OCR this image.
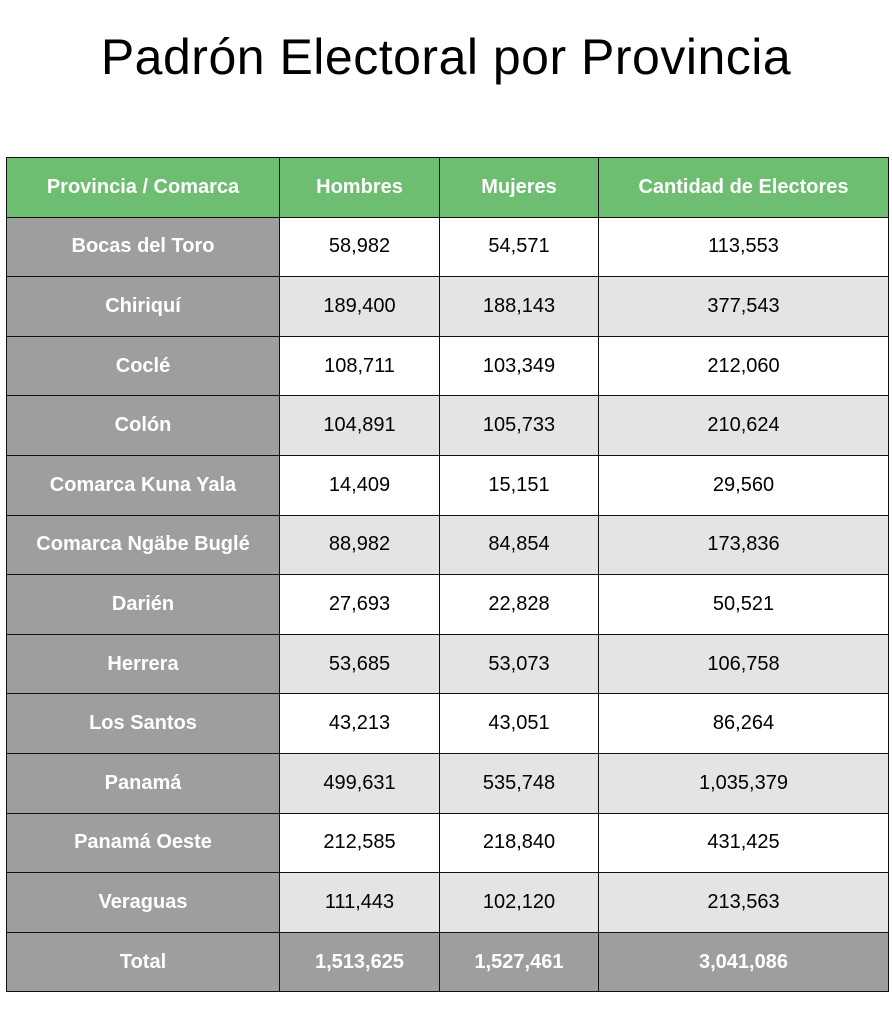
Padrón Electoral por Provincia
Provincia / Comarca	Hombres	Mujeres	Cantidad de Electores
Bocas del Toro	58,982	54,571	113,553
Chiriquí	189,400	188,143	377,543
Coclé	108,711	103,349	212,060
Colón	104,891	105,733	210,624
Comarca Kuna Yala	14,409	15,151	29,560
Comarca Ngäbe Buglé	88,982	84,854	173,836
Darién	27,693	22,828	50,521
Herrera	53,685	53,073	106,758
Los Santos	43,213	43,051	86,264
Panamá	499,631	535,748	1,035,379
Panamá Oeste	212,585	218,840	431,425
Veraguas	111,443	102,120	213,563
Total	1,513,625	1,527,461	3,041,086
